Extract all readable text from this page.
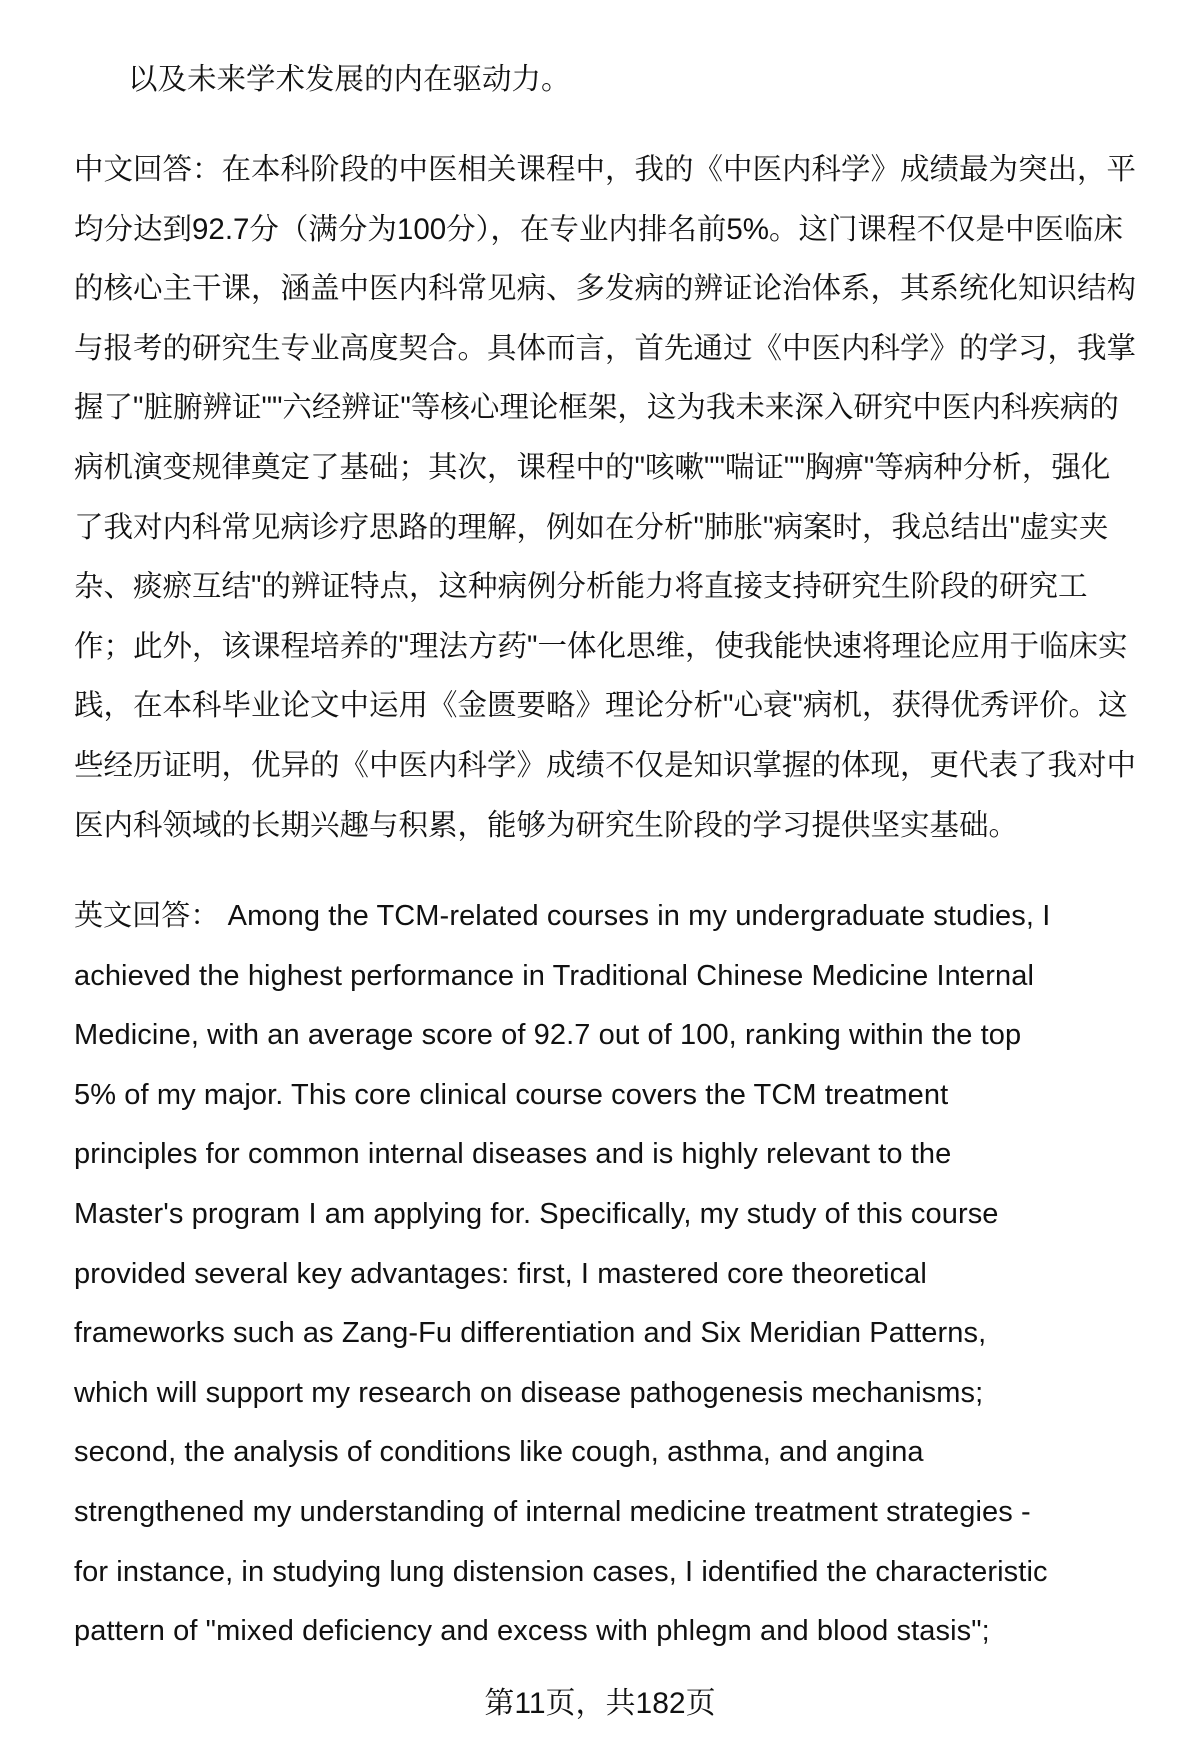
以及未来学术发展的内在驱动力。
中文回答：在本科阶段的中医相关课程中，我的《中医内科学》成绩最为突出，平
均分达到92.7分（满分为100分），在专业内排名前5%。这门课程不仅是中医临床
的核心主干课，涵盖中医内科常见病、多发病的辨证论治体系，其系统化知识结构
与报考的研究生专业高度契合。具体而言，首先通过《中医内科学》的学习，我掌
握了"脏腑辨证""六经辨证"等核心理论框架，这为我未来深入研究中医内科疾病的
病机演变规律奠定了基础；其次，课程中的"咳嗽""喘证""胸痹"等病种分析，强化
了我对内科常见病诊疗思路的理解，例如在分析"肺胀"病案时，我总结出"虚实夹
杂、痰瘀互结"的辨证特点，这种病例分析能力将直接支持研究生阶段的研究工
作；此外，该课程培养的"理法方药"一体化思维，使我能快速将理论应用于临床实
践，在本科毕业论文中运用《金匮要略》理论分析"心衰"病机，获得优秀评价。这
些经历证明，优异的《中医内科学》成绩不仅是知识掌握的体现，更代表了我对中
医内科领域的长期兴趣与积累，能够为研究生阶段的学习提供坚实基础。
英文回答： Among the TCM-related courses in my undergraduate studies, I
achieved the highest performance in Traditional Chinese Medicine Internal
Medicine, with an average score of 92.7 out of 100, ranking within the top
5% of my major. This core clinical course covers the TCM treatment
principles for common internal diseases and is highly relevant to the
Master's program I am applying for. Specifically, my study of this course
provided several key advantages: first, I mastered core theoretical
frameworks such as Zang-Fu differentiation and Six Meridian Patterns,
which will support my research on disease pathogenesis mechanisms;
second, the analysis of conditions like cough, asthma, and angina
strengthened my understanding of internal medicine treatment strategies -
for instance, in studying lung distension cases, I identified the characteristic
pattern of "mixed deficiency and excess with phlegm and blood stasis";
第11页，共182页
